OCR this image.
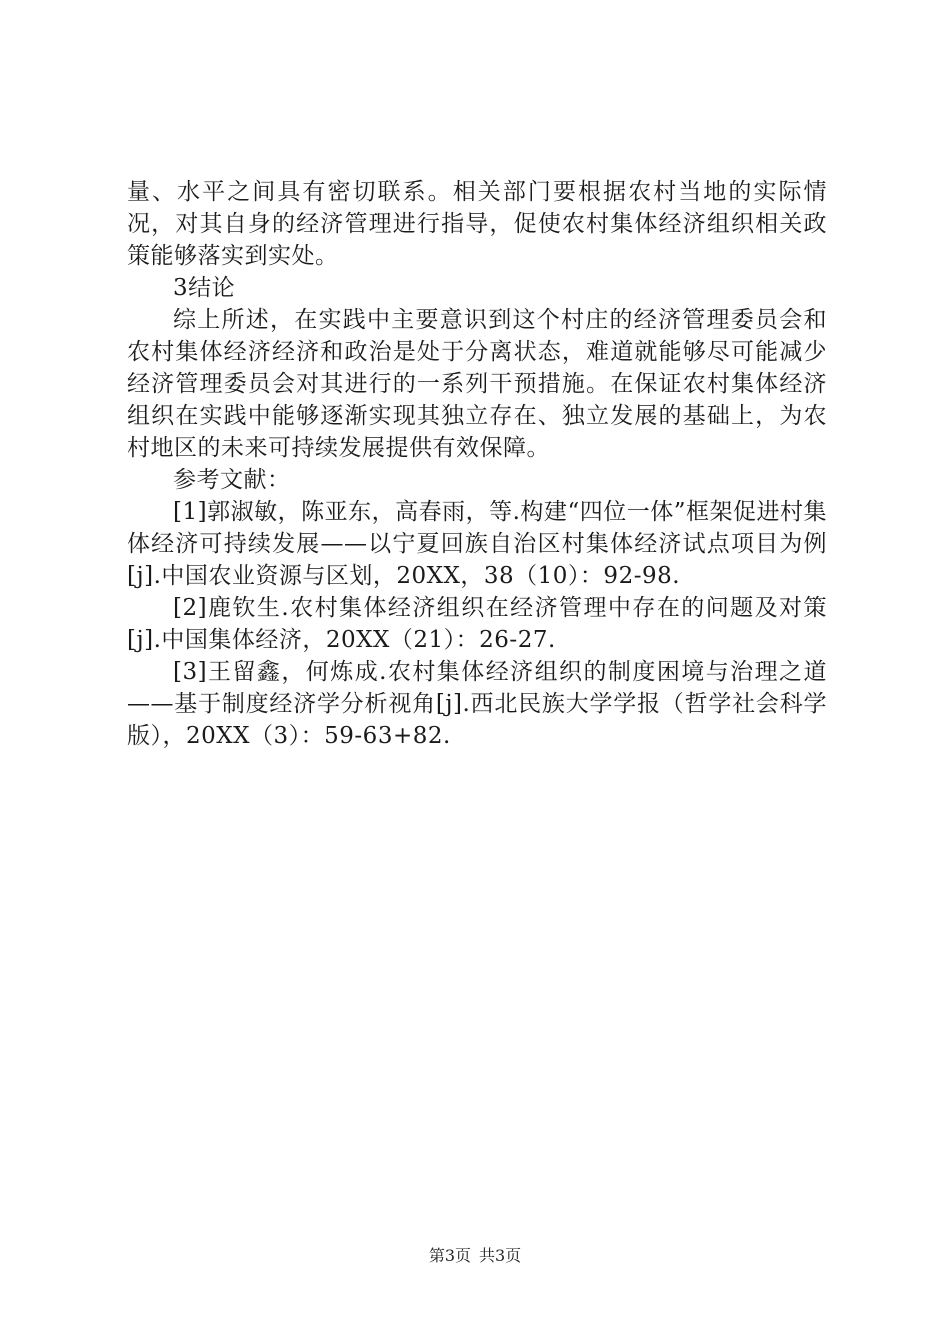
量、水平之间具有密切联系。相关部门要根据农村当地的实际情况，对其自身的经济管理进行指导，促使农村集体经济组织相关政策能够落实到实处。

3结论

综上所述，在实践中主要意识到这个村庄的经济管理委员会和农村集体经济经济和政治是处于分离状态，难道就能够尽可能减少经济管理委员会对其进行的一系列干预措施。在保证农村集体经济组织在实践中能够逐渐实现其独立存在、独立发展的基础上，为农村地区的未来可持续发展提供有效保障。

参考文献：

[1]郭淑敏，陈亚东，高春雨，等.构建“四位一体”框架促进村集体经济可持续发展——以宁夏回族自治区村集体经济试点项目为例[j].中国农业资源与区划，20XX，38（10）：92-98.

[2]鹿钦生.农村集体经济组织在经济管理中存在的问题及对策[j].中国集体经济，20XX（21）：26-27.

[3]王留鑫，何炼成.农村集体经济组织的制度困境与治理之道——基于制度经济学分析视角[j].西北民族大学学报（哲学社会科学版），20XX（3）：59-63+82.

第3页 共3页
